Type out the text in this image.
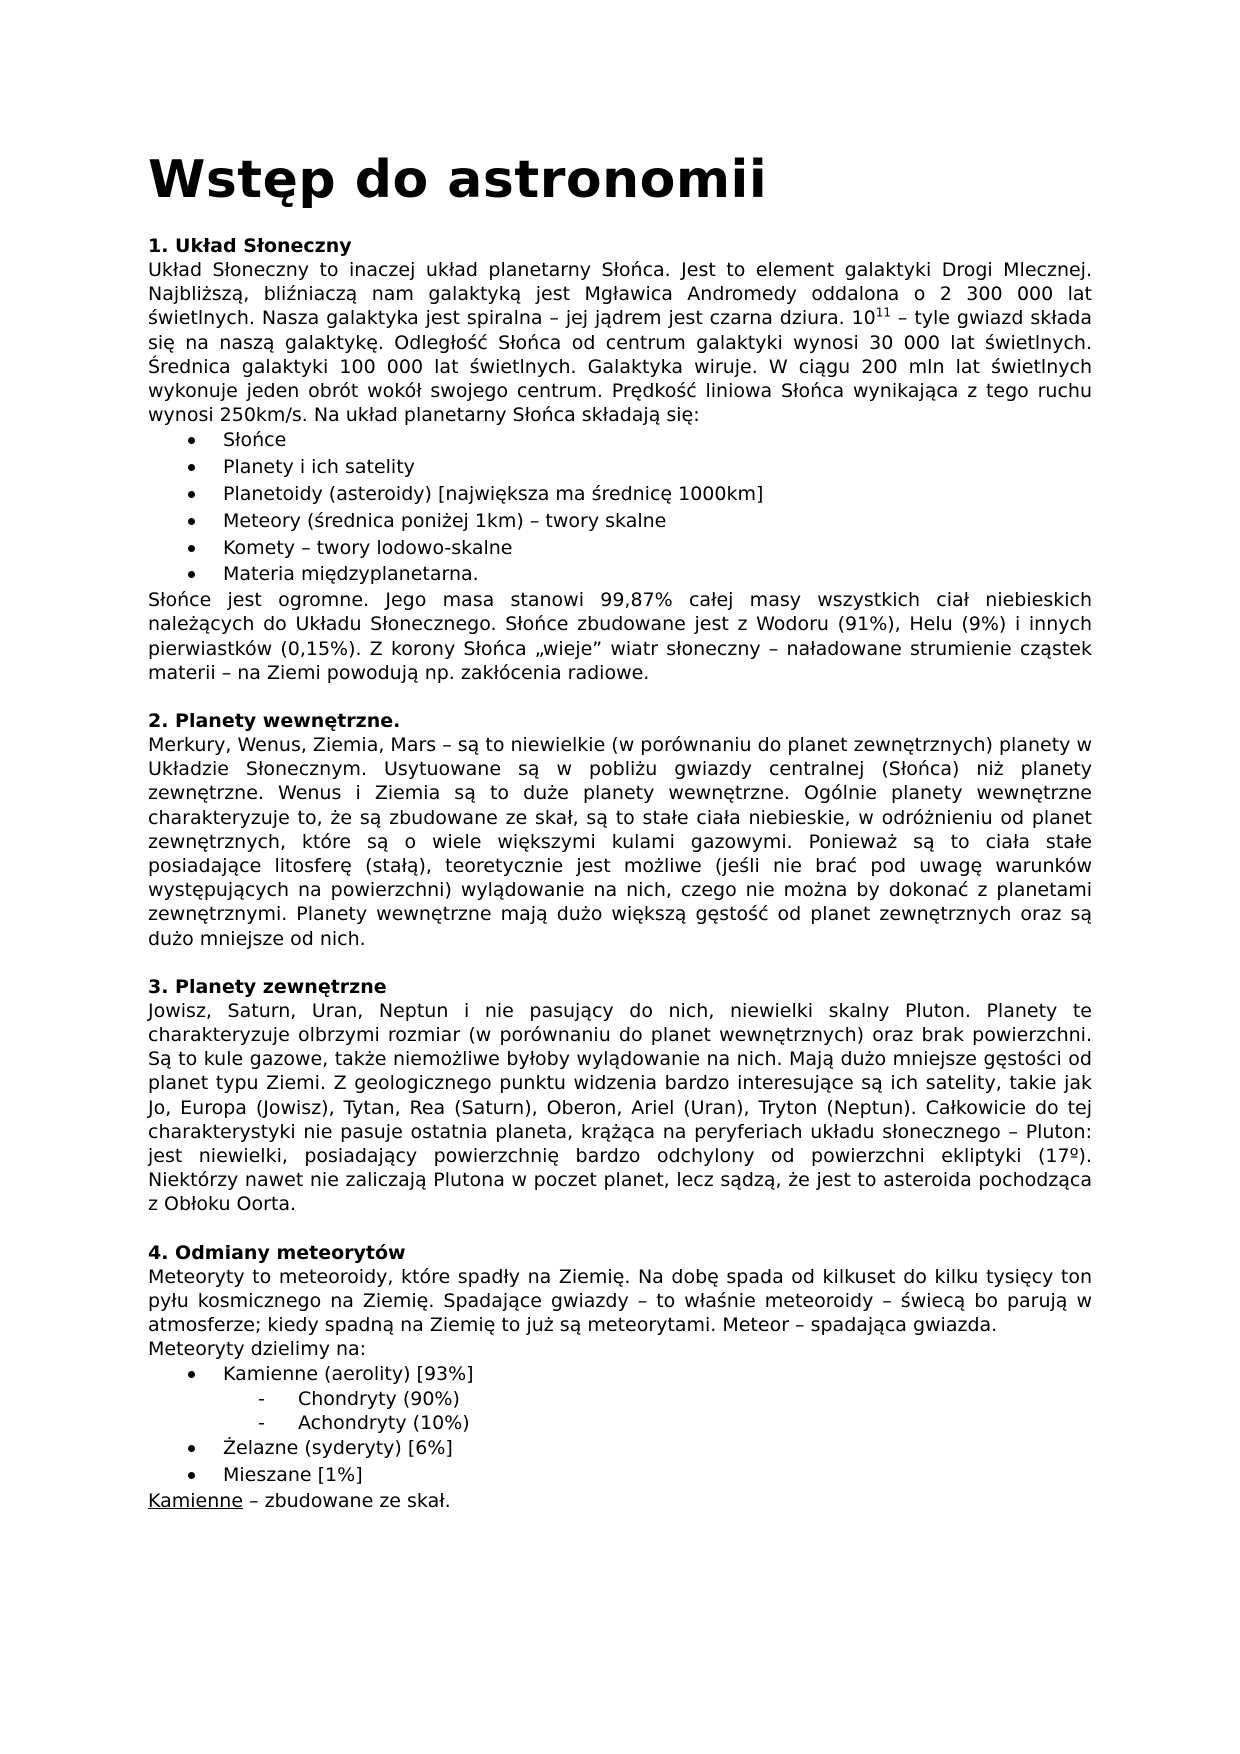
Wstęp do astronomii
1. Układ Słoneczny

Układ Słoneczny to inaczej układ planetarny Słońca. Jest to element galaktyki Drogi Mlecznej. Najbliższą, bliźniaczą nam galaktyką jest Mgławica Andromedy oddalona o 2 300 000 lat świetlnych. Nasza galaktyka jest spiralna – jej jądrem jest czarna dziura. $10^{11}$ – tyle gwiazd składa się na naszą galaktykę. Odległość Słońca od centrum galaktyki wynosi 30 000 lat świetlnych. Średnica galaktyki 100 000 lat świetlnych. Galaktyka wiruje. W ciągu 200 mln lat świetlnych wykonuje jeden obrót wokół swojego centrum. Prędkość liniowa Słońca wynikająca z tego ruchu wynosi 250km/s. Na układ planetarny Słońca składają się:

Słońce
Planety i ich satelity
Planetoidy (asteroidy) [największa ma średnicę 1000km]
Meteory (średnica poniżej 1km) – twory skalne
Komety – twory lodowo-skalne
Materia międzyplanetarna.

Słońce jest ogromne. Jego masa stanowi 99,87% całej masy wszystkich ciał niebieskich należących do Układu Słonecznego. Słońce zbudowane jest z Wodoru (91%), Helu (9%) i innych pierwiastków (0,15%). Z korony Słońca „wieje” wiatr słoneczny – naładowane strumienie cząstek materii – na Ziemi powodują np. zakłócenia radiowe.

2. Planety wewnętrzne.

Merkury, Wenus, Ziemia, Mars – są to niewielkie (w porównaniu do planet zewnętrznych) planety w Układzie Słonecznym. Usytuowane są w pobliżu gwiazdy centralnej (Słońca) niż planety zewnętrzne. Wenus i Ziemia są to duże planety wewnętrzne. Ogólnie planety wewnętrzne charakteryzuje to, że są zbudowane ze skał, są to stałe ciała niebieskie, w odróżnieniu od planet zewnętrznych, które są o wiele większymi kulami gazowymi. Ponieważ są to ciała stałe posiadające litosferę (stałą), teoretycznie jest możliwe (jeśli nie brać pod uwagę warunków występujących na powierzchni) wylądowanie na nich, czego nie można by dokonać z planetami zewnętrznymi. Planety wewnętrzne mają dużo większą gęstość od planet zewnętrznych oraz są dużo mniejsze od nich.

3. Planety zewnętrzne

Jowisz, Saturn, Uran, Neptun i nie pasujący do nich, niewielki skalny Pluton. Planety te charakteryzuje olbrzymi rozmiar (w porównaniu do planet wewnętrznych) oraz brak powierzchni. Są to kule gazowe, także niemożliwe byłoby wylądowanie na nich. Mają dużo mniejsze gęstości od planet typu Ziemi. Z geologicznego punktu widzenia bardzo interesujące są ich satelity, takie jak Jo, Europa (Jowisz), Tytan, Rea (Saturn), Oberon, Ariel (Uran), Tryton (Neptun). Całkowicie do tej charakterystyki nie pasuje ostatnia planeta, krążąca na peryferiach układu słonecznego – Pluton: jest niewielki, posiadający powierzchnię bardzo odchylony od powierzchni ekliptyki (17º). Niektórzy nawet nie zaliczają Plutona w poczet planet, lecz sądzą, że jest to asteroida pochodząca z Obłoku Oorta.

4. Odmiany meteorytów

Meteoryty to meteoroidy, które spadły na Ziemię. Na dobę spada od kilkuset do kilku tysięcy ton pyłu kosmicznego na Ziemię. Spadające gwiazdy – to właśnie meteoroidy – świecą bo parują w atmosferze; kiedy spadną na Ziemię to już są meteorytami. Meteor – spadająca gwiazda.

Meteoryty dzielimy na:

Kamienne (aerolity) [93%]
- Chondryty (90%)
- Achondryty (10%)
Żelazne (syderyty) [6%]
Mieszane [1%]

Kamienne – zbudowane ze skał.
